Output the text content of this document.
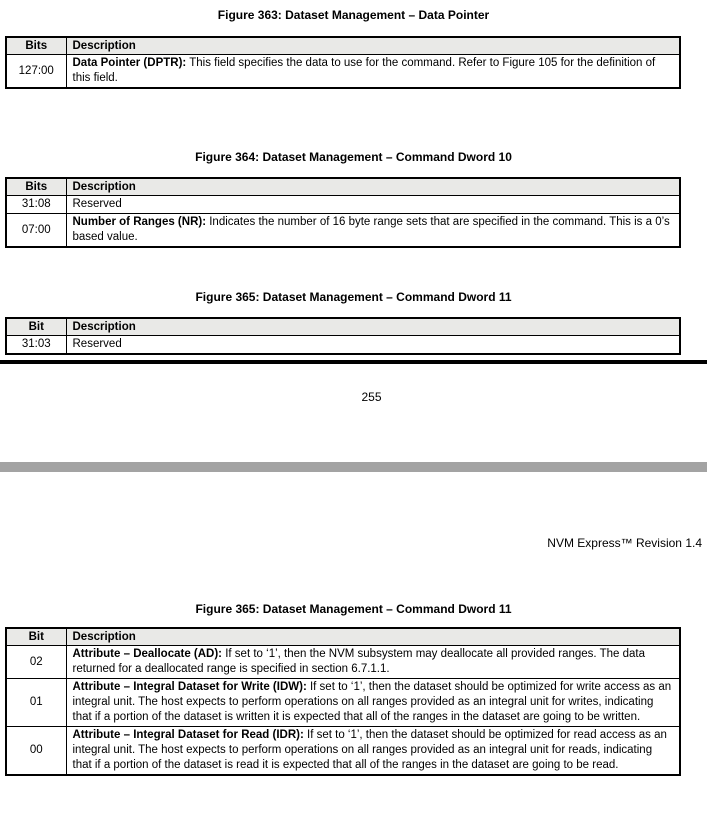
Figure 363: Dataset Management – Data Pointer
Bits	Description
127:00	Data Pointer (DPTR): This field specifies the data to use for the command. Refer to Figure 105 for the definition of this field.
Figure 364: Dataset Management – Command Dword 10
Bits	Description
31:08	Reserved
07:00	Number of Ranges (NR): Indicates the number of 16 byte range sets that are specified in the command. This is a 0’s based value.
Figure 365: Dataset Management – Command Dword 11
Bit	Description
31:03	Reserved
255
NVM Express™ Revision 1.4
Figure 365: Dataset Management – Command Dword 11
Bit	Description
02	Attribute – Deallocate (AD): If set to ‘1’, then the NVM subsystem may deallocate all provided ranges. The data returned for a deallocated range is specified in section 6.7.1.1.
01	Attribute – Integral Dataset for Write (IDW): If set to ‘1’, then the dataset should be optimized for write access as an integral unit. The host expects to perform operations on all ranges provided as an integral unit for writes, indicating that if a portion of the dataset is written it is expected that all of the ranges in the dataset are going to be written.
00	Attribute – Integral Dataset for Read (IDR): If set to ‘1’, then the dataset should be optimized for read access as an integral unit. The host expects to perform operations on all ranges provided as an integral unit for reads, indicating that if a portion of the dataset is read it is expected that all of the ranges in the dataset are going to be read.
